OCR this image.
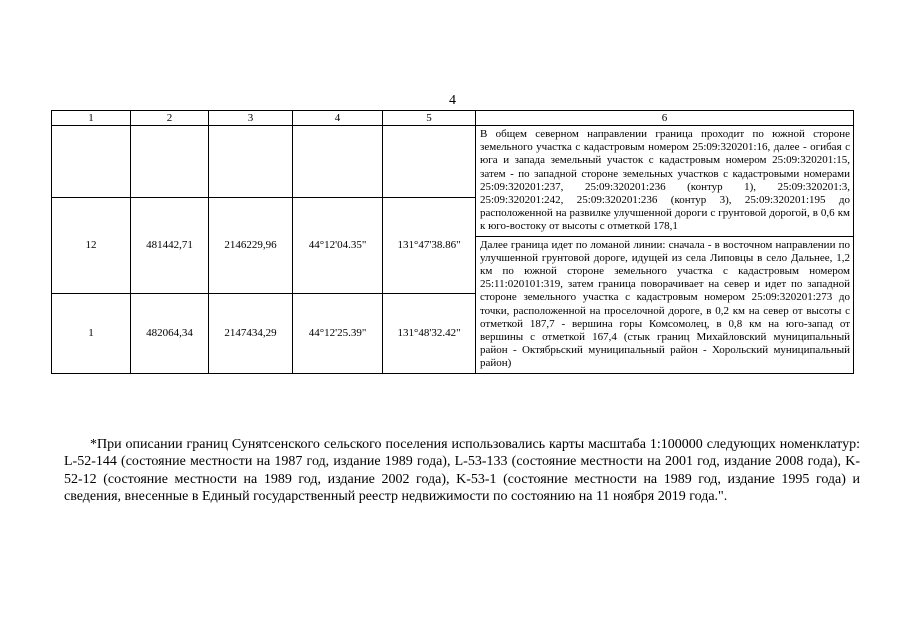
4
1	2	3	4	5	6
					В общем северном направлении граница проходит по южной стороне земельного участка с кадастровым номером 25:09:320201:16, далее - огибая с юга и запада земельный участок с кадастровым номером 25:09:320201:15, затем - по западной стороне земельных участков с кадастровыми номерами 25:09:320201:237, 25:09:320201:236 (контур 1), 25:09:320201:3, 25:09:320201:242, 25:09:320201:236 (контур 3), 25:09:320201:195 до расположенной на развилке улучшенной дороги с грунтовой дорогой, в 0,6 км к юго-востоку от высоты с отметкой 178,1
12	481442,71	2146229,96	44°12'04.35"	131°47'38.86"	
					Далее граница идет по ломаной линии: сначала - в восточном направлении по улучшенной грунтовой дороге, идущей из села Липовцы в село Дальнее, 1,2 км по южной стороне земельного участка с кадастровым номером 25:11:020101:319, затем граница поворачивает на север и идет по западной стороне земельного участка с кадастровым номером 25:09:320201:273 до точки, расположенной на проселочной дороге, в 0,2 км на север от высоты с отметкой 187,7 - вершина горы Комсомолец, в 0,8 км на юго-запад от вершины с отметкой 167,4 (стык границ Михайловский муниципальный район - Октябрьский муниципальный район - Хорольский муниципальный район)
1	482064,34	2147434,29	44°12'25.39"	131°48'32.42"	

*При описании границ Сунятсенского сельского поселения использовались карты масштаба 1:100000 следующих номенклатур: L-52-144 (состояние местности на 1987 год, издание 1989 года), L-53-133 (состояние местности на 2001 год, издание 2008 года), K-52-12 (состояние местности на 1989 год, издание 2002 года), K-53-1 (состояние местности на 1989 год, издание 1995 года) и сведения, внесенные в Единый государственный реестр недвижимости по состоянию на 11 ноября 2019 года.".
